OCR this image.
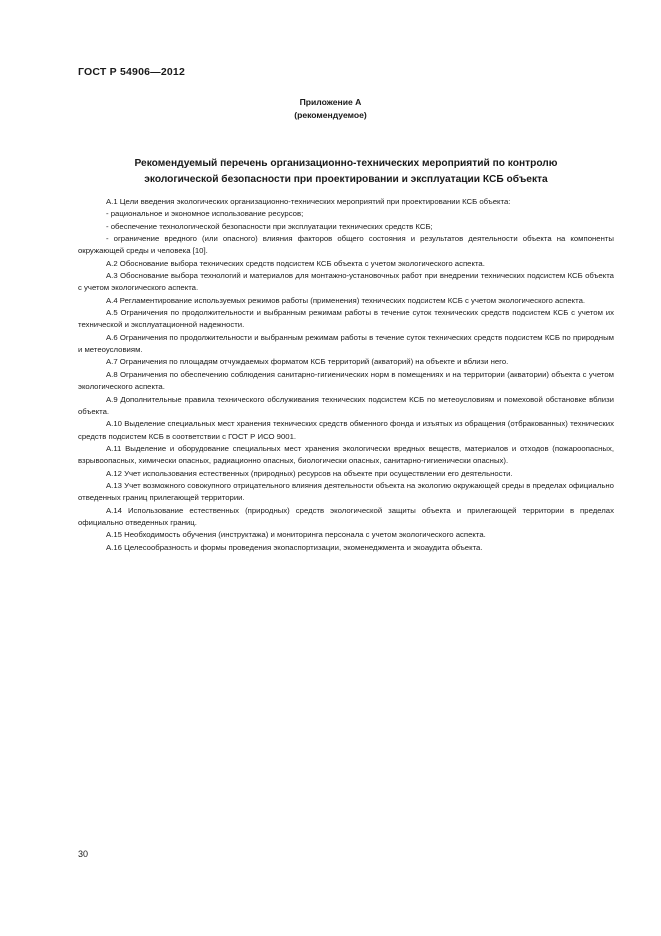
ГОСТ Р 54906—2012
Приложение А
(рекомендуемое)
Рекомендуемый перечень организационно-технических мероприятий по контролю
экологической безопасности при проектировании и эксплуатации КСБ объекта

А.1 Цели введения экологических организационно-технических мероприятий при проектировании КСБ объекта:

- рациональное и экономное использование ресурсов;

- обеспечение технологической безопасности при эксплуатации технических средств КСБ;

- ограничение вредного (или опасного) влияния факторов общего состояния и результатов деятельности объекта на компоненты окружающей среды и человека [10].

А.2 Обоснование выбора технических средств подсистем КСБ объекта с учетом экологического аспекта.

А.3 Обоснование выбора технологий и материалов для монтажно-установочных работ при внедрении технических подсистем КСБ объекта с учетом экологического аспекта.

А.4 Регламентирование используемых режимов работы (применения) технических подсистем КСБ с учетом экологического аспекта.

А.5 Ограничения по продолжительности и выбранным режимам работы в течение суток технических средств подсистем КСБ с учетом их технической и эксплуатационной надежности.

А.6 Ограничения по продолжительности и выбранным режимам работы в течение суток технических средств подсистем КСБ по природным и метеоусловиям.

А.7 Ограничения по площадям отчуждаемых форматом КСБ территорий (акваторий) на объекте и вблизи него.

А.8 Ограничения по обеспечению соблюдения санитарно-гигиенических норм в помещениях и на территории (акватории) объекта с учетом экологического аспекта.

А.9 Дополнительные правила технического обслуживания технических подсистем КСБ по метеоусловиям и помеховой обстановке вблизи объекта.

А.10 Выделение специальных мест хранения технических средств обменного фонда и изъятых из обращения (отбракованных) технических средств подсистем КСБ в соответствии с ГОСТ Р ИСО 9001.

А.11 Выделение и оборудование специальных мест хранения экологически вредных веществ, материалов и отходов (пожароопасных, взрывоопасных, химически опасных, радиационно опасных, биологически опасных, санитарно-гигиенически опасных).

А.12 Учет использования естественных (природных) ресурсов на объекте при осуществлении его деятельности.

А.13 Учет возможного совокупного отрицательного влияния деятельности объекта на экологию окружающей среды в пределах официально отведенных границ прилегающей территории.

А.14 Использование естественных (природных) средств экологической защиты объекта и прилегающей территории в пределах официально отведенных границ.

А.15 Необходимость обучения (инструктажа) и мониторинга персонала с учетом экологического аспекта.

А.16 Целесообразность и формы проведения экопаспортизации, экоменеджмента и экоаудита объекта.

30
